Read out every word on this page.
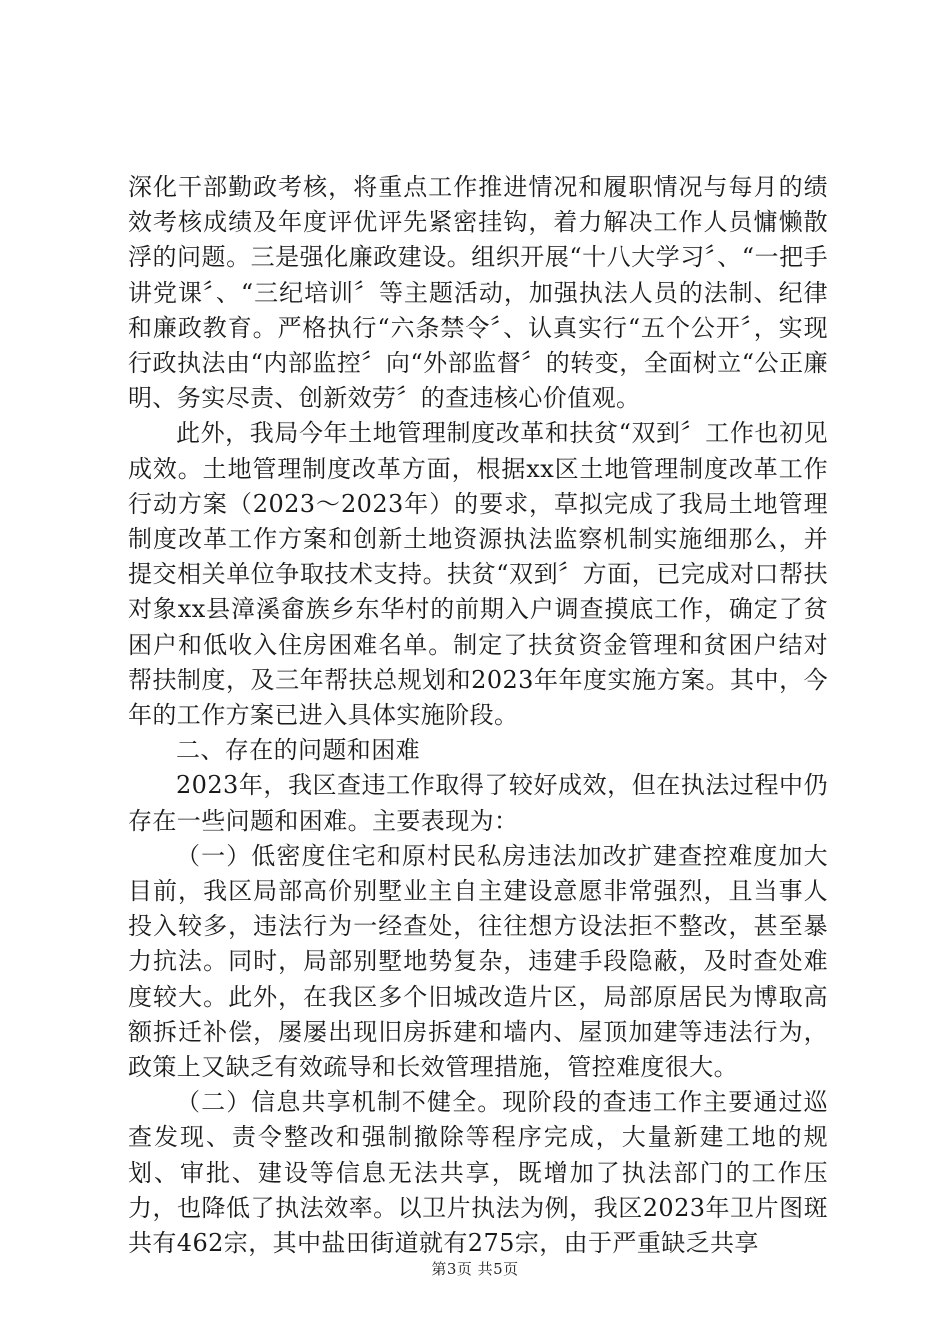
深化干部勤政考核，将重点工作推进情况和履职情况与每月的绩效考核成绩及年度评优评先紧密挂钩，着力解决工作人员慵懒散浮的问题。三是强化廉政建设。组织开展“十八大学习〞、“一把手讲党课〞、“三纪培训〞等主题活动，加强执法人员的法制、纪律和廉政教育。严格执行“六条禁令〞、认真实行“五个公开〞，实现行政执法由“内部监控〞向“外部监督〞的转变，全面树立“公正廉明、务实尽责、创新效劳〞的查违核心价值观。

此外，我局今年土地管理制度改革和扶贫“双到〞工作也初见成效。土地管理制度改革方面，根据xx区土地管理制度改革工作行动方案（2023～2023年）的要求，草拟完成了我局土地管理制度改革工作方案和创新土地资源执法监察机制实施细那么，并提交相关单位争取技术支持。扶贫“双到〞方面，已完成对口帮扶对象xx县漳溪畲族乡东华村的前期入户调查摸底工作，确定了贫困户和低收入住房困难名单。制定了扶贫资金管理和贫困户结对帮扶制度，及三年帮扶总规划和2023年年度实施方案。其中，今年的工作方案已进入具体实施阶段。

二、存在的问题和困难

2023年，我区查违工作取得了较好成效，但在执法过程中仍存在一些问题和困难。主要表现为：

（一）低密度住宅和原村民私房违法加改扩建查控难度加大目前，我区局部高价别墅业主自主建设意愿非常强烈，且当事人投入较多，违法行为一经查处，往往想方设法拒不整改，甚至暴力抗法。同时，局部别墅地势复杂，违建手段隐蔽，及时查处难度较大。此外，在我区多个旧城改造片区，局部原居民为博取高额拆迁补偿，屡屡出现旧房拆建和墙内、屋顶加建等违法行为，政策上又缺乏有效疏导和长效管理措施，管控难度很大。

（二）信息共享机制不健全。现阶段的查违工作主要通过巡查发现、责令整改和强制撤除等程序完成，大量新建工地的规划、审批、建设等信息无法共享，既增加了执法部门的工作压力，也降低了执法效率。以卫片执法为例，我区2023年卫片图斑共有462宗，其中盐田街道就有275宗，由于严重缺乏共享

第3页 共5页
